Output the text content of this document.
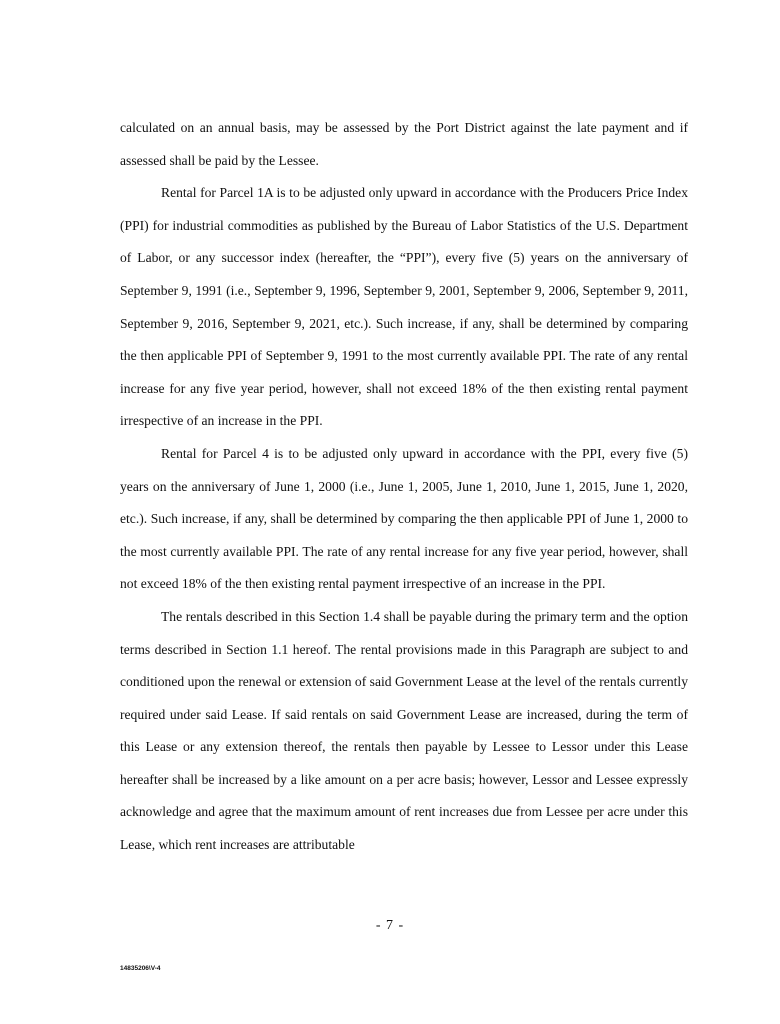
calculated on an annual basis, may be assessed by the Port District against the late payment and if assessed shall be paid by the Lessee.

Rental for Parcel 1A is to be adjusted only upward in accordance with the Producers Price Index (PPI) for industrial commodities as published by the Bureau of Labor Statistics of the U.S. Department of Labor, or any successor index (hereafter, the “PPI”), every five (5) years on the anniversary of September 9, 1991 (i.e., September 9, 1996, September 9, 2001, September 9, 2006, September 9, 2011, September 9, 2016, September 9, 2021, etc.). Such increase, if any, shall be determined by comparing the then applicable PPI of September 9, 1991 to the most currently available PPI. The rate of any rental increase for any five year period, however, shall not exceed 18% of the then existing rental payment irrespective of an increase in the PPI.

Rental for Parcel 4 is to be adjusted only upward in accordance with the PPI, every five (5) years on the anniversary of June 1, 2000 (i.e., June 1, 2005, June 1, 2010, June 1, 2015, June 1, 2020, etc.). Such increase, if any, shall be determined by comparing the then applicable PPI of June 1, 2000 to the most currently available PPI. The rate of any rental increase for any five year period, however, shall not exceed 18% of the then existing rental payment irrespective of an increase in the PPI.

The rentals described in this Section 1.4 shall be payable during the primary term and the option terms described in Section 1.1 hereof. The rental provisions made in this Paragraph are subject to and conditioned upon the renewal or extension of said Government Lease at the level of the rentals currently required under said Lease. If said rentals on said Government Lease are increased, during the term of this Lease or any extension thereof, the rentals then payable by Lessee to Lessor under this Lease hereafter shall be increased by a like amount on a per acre basis; however, Lessor and Lessee expressly acknowledge and agree that the maximum amount of rent increases due from Lessee per acre under this Lease, which rent increases are attributable

- 7 -
14835206\V-4
